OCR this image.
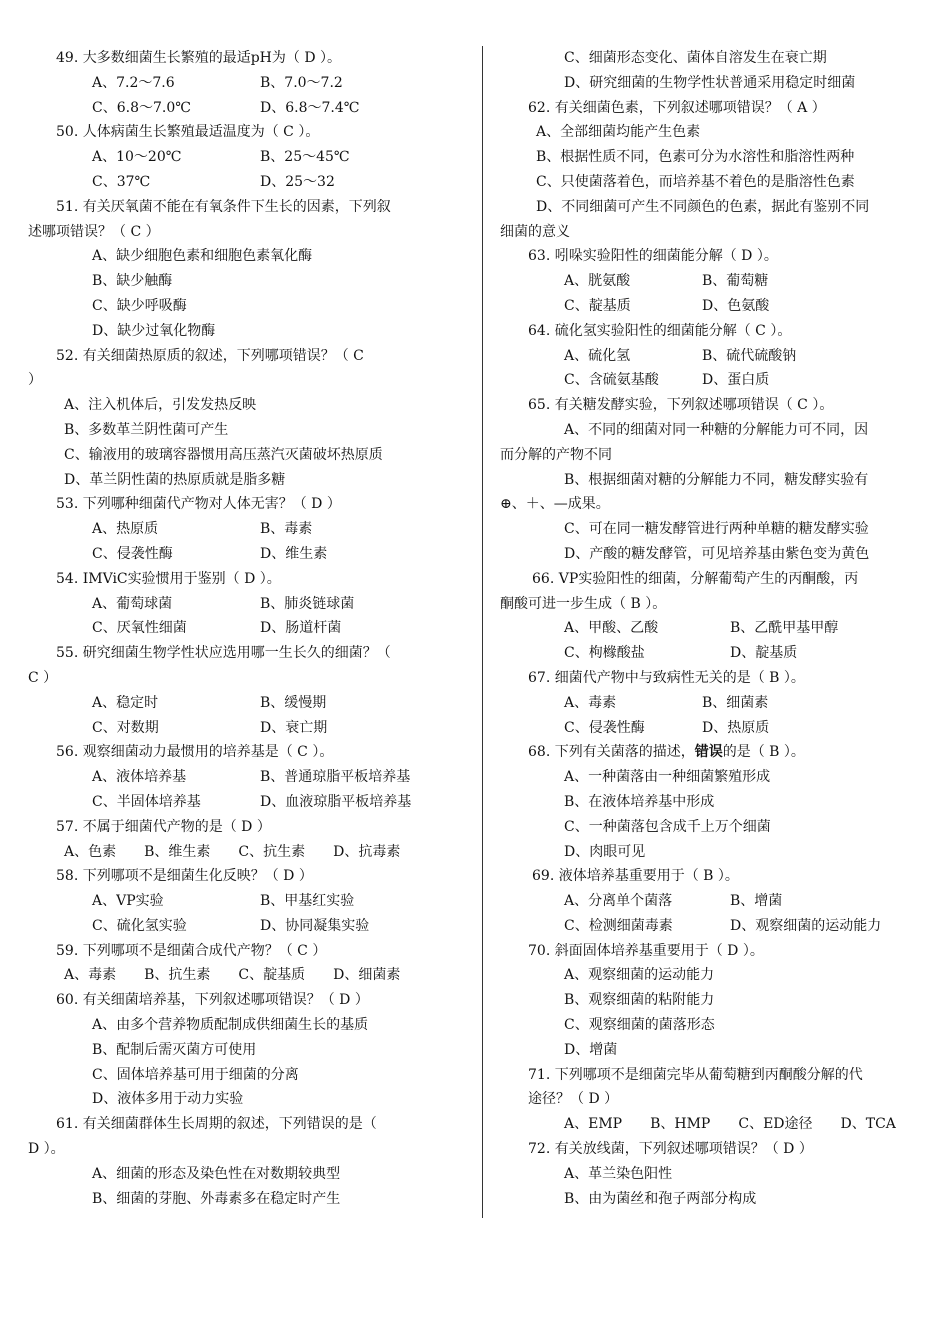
49. 大多数细菌生长繁殖的最适pH为（ D ）。
A、7.2～7.6	B、7.0～7.2
C、6.8～7.0℃	D、6.8～7.4℃
50. 人体病菌生长繁殖最适温度为（ C ）。
A、10～20℃	B、25～45℃
C、37℃	D、25～32
51. 有关厌氧菌不能在有氧条件下生长的因素，下列叙
述哪项错误？（ C ）
A、缺少细胞色素和细胞色素氧化酶
B、缺少触酶
C、缺少呼吸酶
D、缺少过氧化物酶
52. 有关细菌热原质的叙述，下列哪项错误？（ C
）
A、注入机体后，引发发热反映
B、多数革兰阴性菌可产生
C、输液用的玻璃容器惯用高压蒸汽灭菌破坏热原质
D、革兰阴性菌的热原质就是脂多糖
53. 下列哪种细菌代产物对人体无害？（ D ）
A、热原质	B、毒素
C、侵袭性酶	D、维生素
54. IMViC实验惯用于鉴别（ D ）。
A、葡萄球菌	B、肺炎链球菌
C、厌氧性细菌	D、肠道杆菌
55. 研究细菌生物学性状应选用哪一生长久的细菌？（
C ）
A、稳定时	B、缓慢期
C、对数期	D、衰亡期
56. 观察细菌动力最惯用的培养基是（ C ）。
A、液体培养基	B、普通琼脂平板培养基
C、半固体培养基	D、血液琼脂平板培养基
57. 不属于细菌代产物的是（ D ）
A、色素 B、维生素 C、抗生素 D、抗毒素
58. 下列哪项不是细菌生化反映？（ D ）
A、VP实验	B、甲基红实验
C、硫化氢实验	D、协同凝集实验
59. 下列哪项不是细菌合成代产物？（ C ）
A、毒素 B、抗生素 C、靛基质 D、细菌素
60. 有关细菌培养基，下列叙述哪项错误？（ D ）
A、由多个营养物质配制成供细菌生长的基质
B、配制后需灭菌方可使用
C、固体培养基可用于细菌的分离
D、液体多用于动力实验
61. 有关细菌群体生长周期的叙述，下列错误的是（
D ）。
A、细菌的形态及染色性在对数期较典型
B、细菌的芽胞、外毒素多在稳定时产生
C、细菌形态变化、菌体自溶发生在衰亡期
D、研究细菌的生物学性状普通采用稳定时细菌
62. 有关细菌色素，下列叙述哪项错误？（ A ）
A、全部细菌均能产生色素
B、根据性质不同，色素可分为水溶性和脂溶性两种
C、只使菌落着色，而培养基不着色的是脂溶性色素
D、不同细菌可产生不同颜色的色素，据此有鉴别不同
细菌的意义
63. 吲哚实验阳性的细菌能分解（ D ）。
A、胱氨酸	B、葡萄糖
C、靛基质	D、色氨酸
64. 硫化氢实验阳性的细菌能分解（ C ）。
A、硫化氢	B、硫代硫酸钠
C、含硫氨基酸	D、蛋白质
65. 有关糖发酵实验，下列叙述哪项错误（ C ）。
A、不同的细菌对同一种糖的分解能力可不同，因
而分解的产物不同
B、根据细菌对糖的分解能力不同，糖发酵实验有
⊕、＋、—成果。
C、可在同一糖发酵管进行两种单糖的糖发酵实验
D、产酸的糖发酵管，可见培养基由紫色变为黄色
66. VP实验阳性的细菌，分解葡萄产生的丙酮酸，丙
酮酸可进一步生成（ B ）。
A、甲酸、乙酸	B、乙酰甲基甲醇
C、枸橼酸盐	D、靛基质
67. 细菌代产物中与致病性无关的是（ B ）。
A、毒素	B、细菌素
C、侵袭性酶	D、热原质
68. 下列有关菌落的描述，错误的是（ B ）。
A、一种菌落由一种细菌繁殖形成
B、在液体培养基中形成
C、一种菌落包含成千上万个细菌
D、肉眼可见
69. 液体培养基重要用于（ B ）。
A、分离单个菌落	B、增菌
C、检测细菌毒素	D、观察细菌的运动能力
70. 斜面固体培养基重要用于（ D ）。
A、观察细菌的运动能力
B、观察细菌的粘附能力
C、观察细菌的菌落形态
D、增菌
71. 下列哪项不是细菌完毕从葡萄糖到丙酮酸分解的代
途径？（ D ）
A、EMP B、HMP C、ED途径 D、TCA
72. 有关放线菌，下列叙述哪项错误？（ D ）
A、革兰染色阳性
B、由为菌丝和孢子两部分构成
